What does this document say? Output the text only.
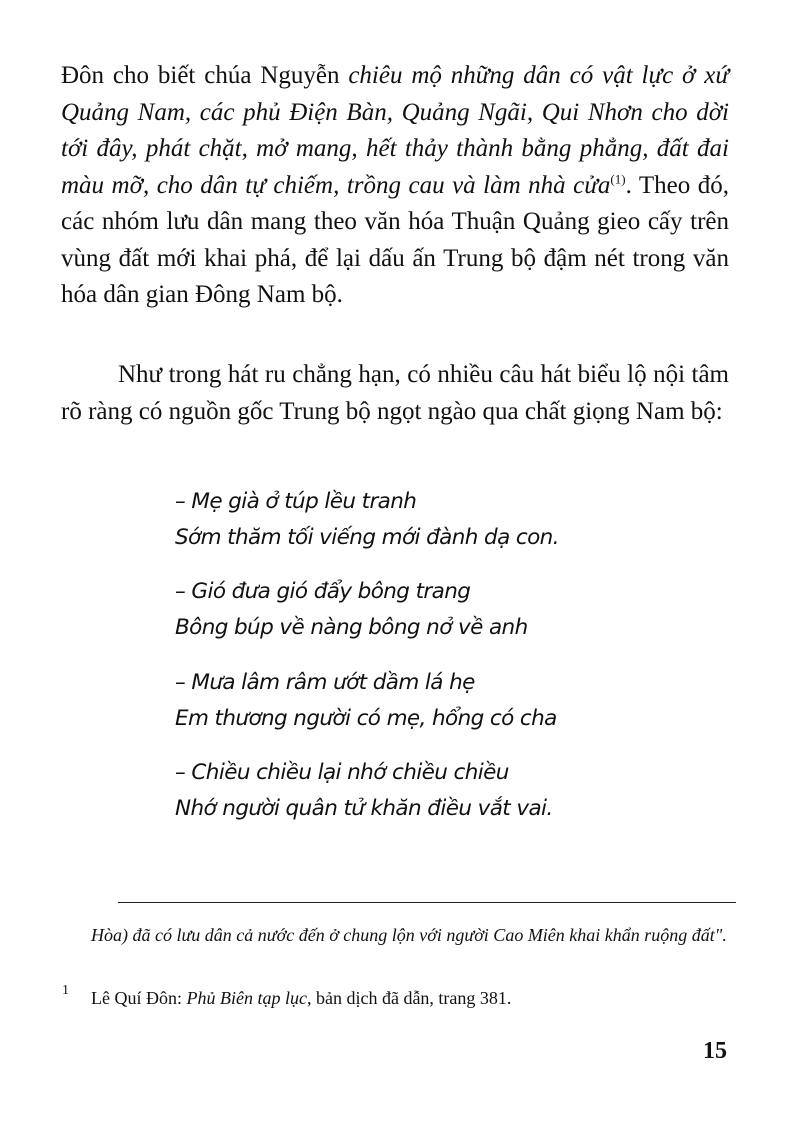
Đôn cho biết chúa Nguyễn chiêu mộ những dân có vật lực ở xứ Quảng Nam, các phủ Điện Bàn, Quảng Ngãi, Qui Nhơn cho dời tới đây, phát chặt, mở mang, hết thảy thành bằng phẳng, đất đai màu mỡ, cho dân tự chiếm, trồng cau và làm nhà cửa$^{(1)}$. Theo đó, các nhóm lưu dân mang theo văn hóa Thuận Quảng gieo cấy trên vùng đất mới khai phá, để lại dấu ấn Trung bộ đậm nét trong văn hóa dân gian Đông Nam bộ.

Như trong hát ru chẳng hạn, có nhiều câu hát biểu lộ nội tâm rõ ràng có nguồn gốc Trung bộ ngọt ngào qua chất giọng Nam bộ:

– Mẹ già ở túp lều tranh
Sớm thăm tối viếng mới đành dạ con.
– Gió đưa gió đẩy bông trang
Bông búp về nàng bông nở về anh
– Mưa lâm râm ướt dầm lá hẹ
Em thương người có mẹ, hổng có cha
– Chiều chiều lại nhớ chiều chiều
Nhớ người quân tử khăn điều vắt vai.

Hòa) đã có lưu dân cả nước đến ở chung lộn với người Cao Miên khai khẩn ruộng đất".

1 Lê Quí Đôn: Phủ Biên tạp lục, bản dịch đã dẫn, trang 381.

15
